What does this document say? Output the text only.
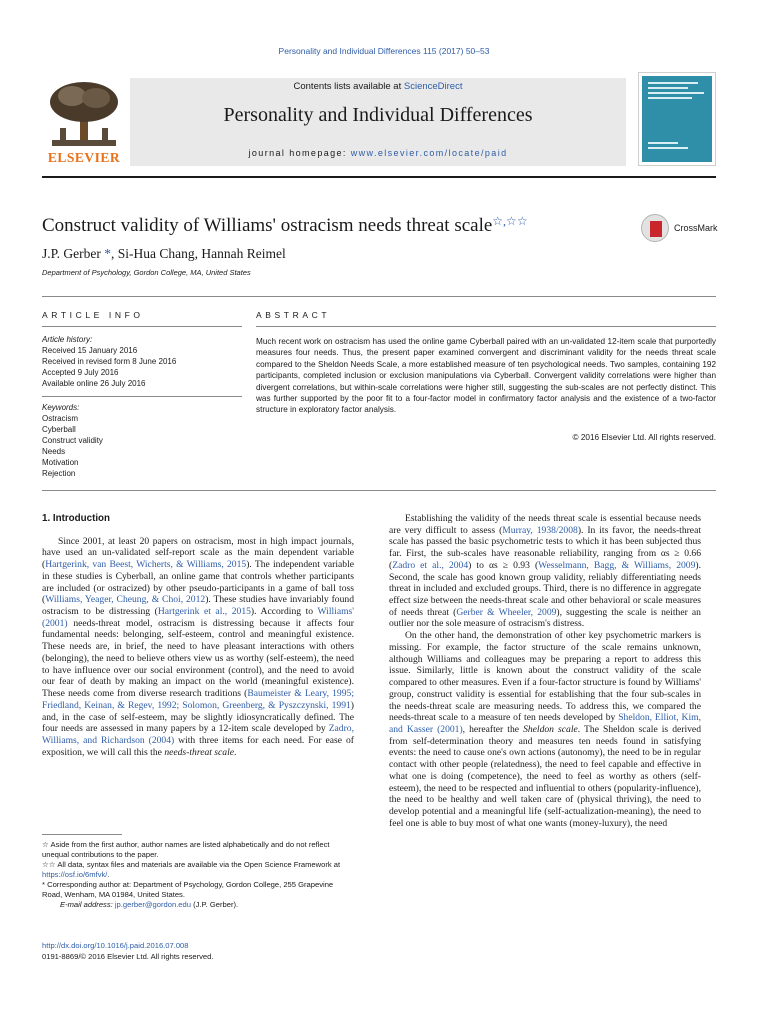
Personality and Individual Differences 115 (2017) 50–53
ELSEVIER
Contents lists available at ScienceDirect
Personality and Individual Differences
journal homepage: www.elsevier.com/locate/paid
Construct validity of Williams' ostracism needs threat scale☆,☆☆	CrossMark
J.P. Gerber *, Si-Hua Chang, Hannah Reimel
Department of Psychology, Gordon College, MA, United States
ARTICLE INFO
Article history:
Received 15 January 2016
Received in revised form 8 June 2016
Accepted 9 July 2016
Available online 26 July 2016
Keywords:
Ostracism
Cyberball
Construct validity
Needs
Motivation
Rejection
ABSTRACT
Much recent work on ostracism has used the online game Cyberball paired with an un-validated 12-item scale that purportedly measures four needs. Thus, the present paper examined convergent and discriminant validity for the needs threat scale compared to the Sheldon Needs Scale, a more established measure of ten psychological needs. Two samples, containing 192 participants, completed inclusion or exclusion manipulations via Cyberball. Convergent validity correlations were higher than divergent correlations, but within-scale correlations were higher still, suggesting the sub-scales are not perfectly distinct. This was further supported by the poor fit to a four-factor model in confirmatory factor analysis and the existence of a two-factor structure in exploratory factor analysis.
© 2016 Elsevier Ltd. All rights reserved.
1. Introduction

Since 2001, at least 20 papers on ostracism, most in high impact journals, have used an un-validated self-report scale as the main dependent variable (Hartgerink, van Beest, Wicherts, & Williams, 2015). The independent variable in these studies is Cyberball, an online game that controls whether participants are included (or ostracized) by other pseudo-participants in a game of ball toss (Williams, Yeager, Cheung, & Choi, 2012). These studies have invariably found ostracism to be distressing (Hartgerink et al., 2015). According to Williams' (2001) needs-threat model, ostracism is distressing because it affects four fundamental needs: belonging, self-esteem, control and meaningful existence. These needs are, in brief, the need to have pleasant interactions with others (belonging), the need to believe others view us as worthy (self-esteem), the need to have influence over our social environment (control), and the need to avoid our fear of death by making an impact on the world (meaningful existence). These needs come from diverse research traditions (Baumeister & Leary, 1995; Friedland, Keinan, & Regev, 1992; Solomon, Greenberg, & Pyszczynski, 1991) and, in the case of self-esteem, may be slightly idiosyncratically defined. The four needs are assessed in many papers by a 12-item scale developed by Zadro, Williams, and Richardson (2004) with three items for each need. For ease of exposition, we will call this the needs-threat scale.

Establishing the validity of the needs threat scale is essential because needs are very difficult to assess (Murray, 1938/2008). In its favor, the needs-threat scale has passed the basic psychometric tests to which it has been subjected thus far. First, the sub-scales have reasonable reliability, ranging from αs ≥ 0.66 (Zadro et al., 2004) to αs ≥ 0.93 (Wesselmann, Bagg, & Williams, 2009). Second, the scale has good known group validity, reliably differentiating needs threat in included and excluded groups. Third, there is no difference in aggregate effect size between the needs-threat scale and other behavioral or scale measures of needs threat (Gerber & Wheeler, 2009), suggesting the scale is neither an outlier nor the sole measure of ostracism's distress.

On the other hand, the demonstration of other key psychometric markers is missing. For example, the factor structure of the scale remains unknown, although Williams and colleagues may be preparing a report to address this issue. Similarly, little is known about the construct validity of the scale compared to other measures. Even if a four-factor structure is found by Williams' group, construct validity is essential for establishing that the four sub-scales in the needs-threat scale are measuring needs. To address this, we compared the needs-threat scale to a measure of ten needs developed by Sheldon, Elliot, Kim, and Kasser (2001), hereafter the Sheldon scale. The Sheldon scale is derived from self-determination theory and measures ten needs found in satisfying events: the need to cause one's own actions (autonomy), the need to be in regular contact with other people (relatedness), the need to feel capable and effective in what one is doing (competence), the need to feel as worthy as others (self-esteem), the need to be respected and influential to others (popularity-influence), the need to be healthy and well taken care of (physical thriving), the need to develop potential and a meaningful life (self-actualization-meaning), the need to feel one is able to buy most of what one wants (money-luxury), the need

☆ Aside from the first author, author names are listed alphabetically and do not reflect unequal contributions to the paper.

☆☆ All data, syntax files and materials are available via the Open Science Framework at https://osf.io/6mfvk/.

* Corresponding author at: Department of Psychology, Gordon College, 255 Grapevine Road, Wenham, MA 01984, United States.

E-mail address: jp.gerber@gordon.edu (J.P. Gerber).

http://dx.doi.org/10.1016/j.paid.2016.07.008
0191-8869/© 2016 Elsevier Ltd. All rights reserved.
